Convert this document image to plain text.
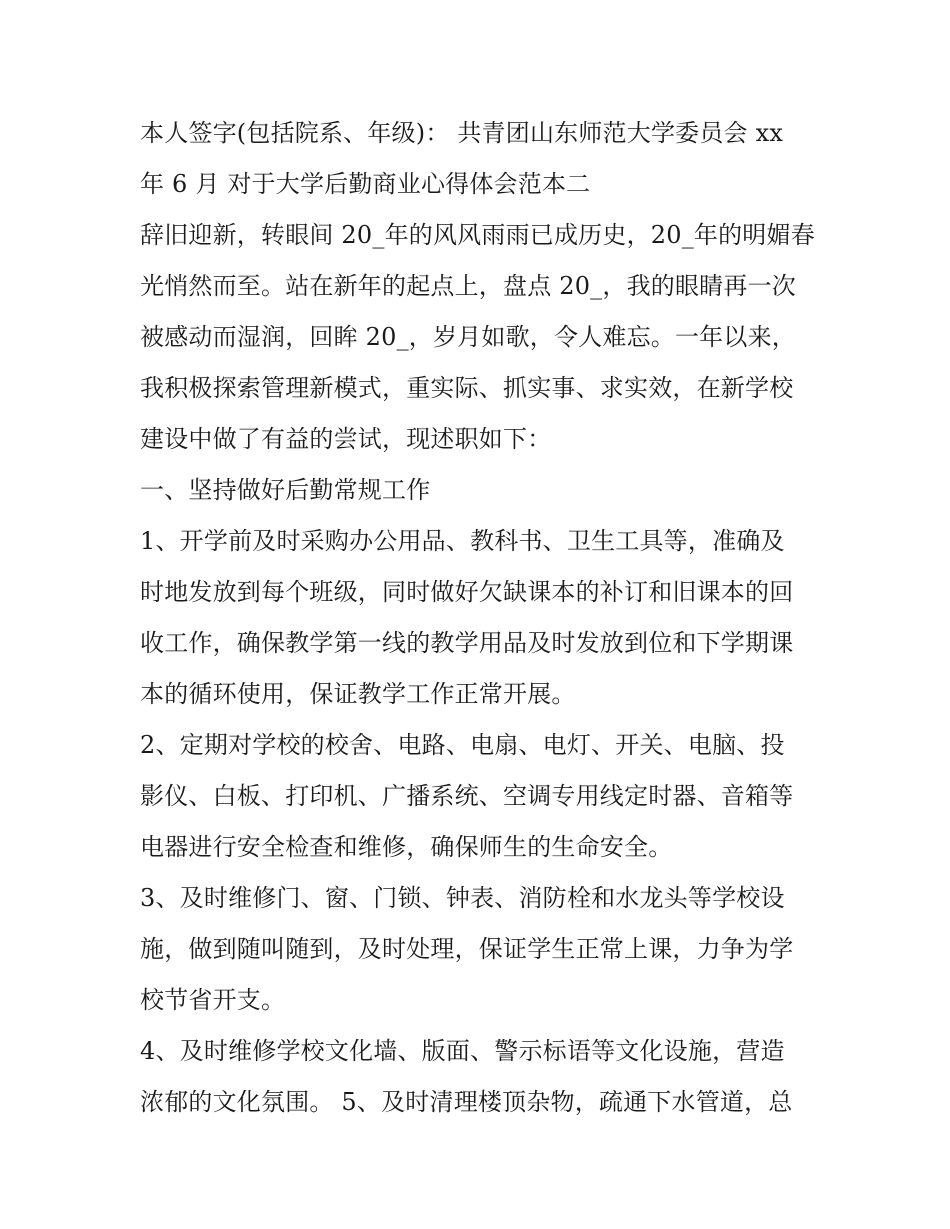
本人签字(包括院系、年级)： 共青团山东师范大学委员会 xx
年 6 月 对于大学后勤商业心得体会范本二
辞旧迎新，转眼间 20_年的风风雨雨已成历史，20_年的明媚春
光悄然而至。站在新年的起点上，盘点 20_，我的眼睛再一次
被感动而湿润，回眸 20_，岁月如歌，令人难忘。一年以来，
我积极探索管理新模式，重实际、抓实事、求实效，在新学校
建设中做了有益的尝试，现述职如下：
一、坚持做好后勤常规工作
1、开学前及时采购办公用品、教科书、卫生工具等，准确及
时地发放到每个班级，同时做好欠缺课本的补订和旧课本的回
收工作，确保教学第一线的教学用品及时发放到位和下学期课
本的循环使用，保证教学工作正常开展。
2、定期对学校的校舍、电路、电扇、电灯、开关、电脑、投
影仪、白板、打印机、广播系统、空调专用线定时器、音箱等
电器进行安全检查和维修，确保师生的生命安全。
3、及时维修门、窗、门锁、钟表、消防栓和水龙头等学校设
施，做到随叫随到，及时处理，保证学生正常上课，力争为学
校节省开支。
4、及时维修学校文化墙、版面、警示标语等文化设施，营造
浓郁的文化氛围。 5、及时清理楼顶杂物，疏通下水管道，总
